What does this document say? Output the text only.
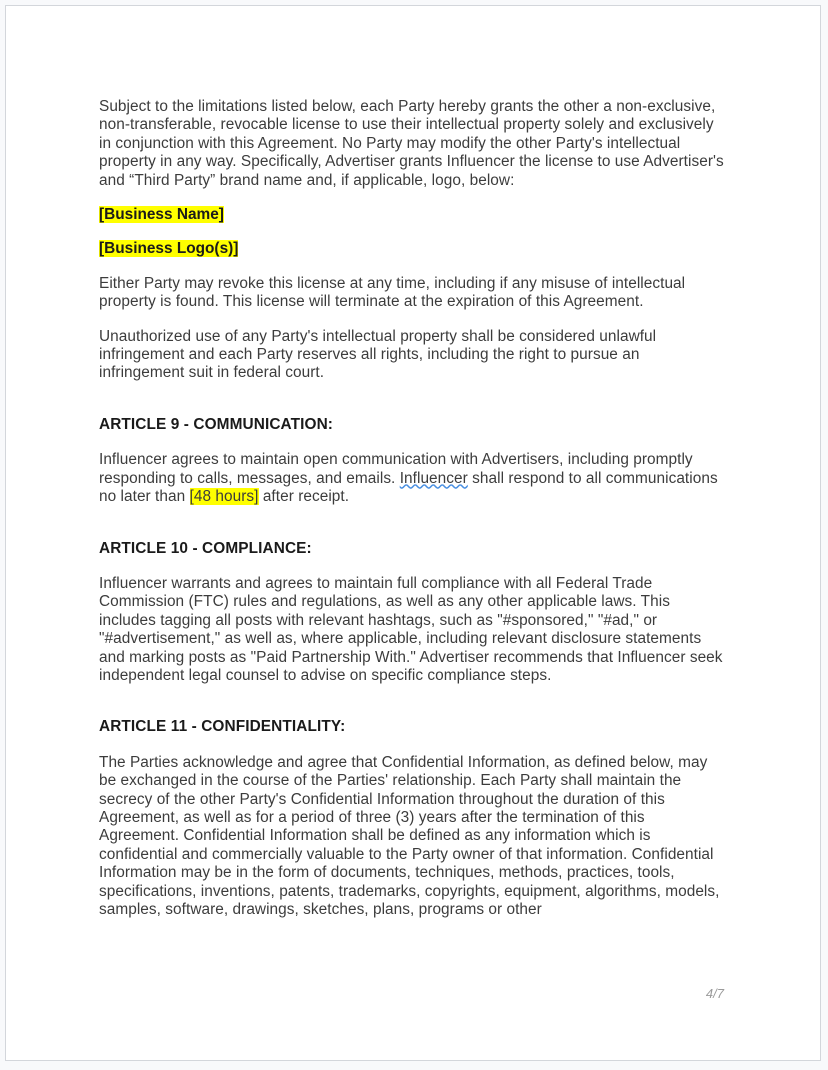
Subject to the limitations listed below, each Party hereby grants the other a non-exclusive, non-transferable, revocable license to use their intellectual property solely and exclusively in conjunction with this Agreement. No Party may modify the other Party's intellectual property in any way. Specifically, Advertiser grants Influencer the license to use Advertiser's and “Third Party” brand name and, if applicable, logo, below:

[Business Name]

[Business Logo(s)]

Either Party may revoke this license at any time, including if any misuse of intellectual property is found. This license will terminate at the expiration of this Agreement.

Unauthorized use of any Party's intellectual property shall be considered unlawful infringement and each Party reserves all rights, including the right to pursue an infringement suit in federal court.

ARTICLE 9 - COMMUNICATION:

Influencer agrees to maintain open communication with Advertisers, including promptly responding to calls, messages, and emails. Influencer shall respond to all communications no later than [48 hours] after receipt.

ARTICLE 10 - COMPLIANCE:

Influencer warrants and agrees to maintain full compliance with all Federal Trade Commission (FTC) rules and regulations, as well as any other applicable laws. This includes tagging all posts with relevant hashtags, such as "#sponsored," "#ad," or "#advertisement," as well as, where applicable, including relevant disclosure statements and marking posts as "Paid Partnership With." Advertiser recommends that Influencer seek independent legal counsel to advise on specific compliance steps.

ARTICLE 11 - CONFIDENTIALITY:

The Parties acknowledge and agree that Confidential Information, as defined below, may be exchanged in the course of the Parties' relationship. Each Party shall maintain the secrecy of the other Party's Confidential Information throughout the duration of this Agreement, as well as for a period of three (3) years after the termination of this Agreement. Confidential Information shall be defined as any information which is confidential and commercially valuable to the Party owner of that information. Confidential Information may be in the form of documents, techniques, methods, practices, tools, specifications, inventions, patents, trademarks, copyrights, equipment, algorithms, models, samples, software, drawings, sketches, plans, programs or other

4/7
